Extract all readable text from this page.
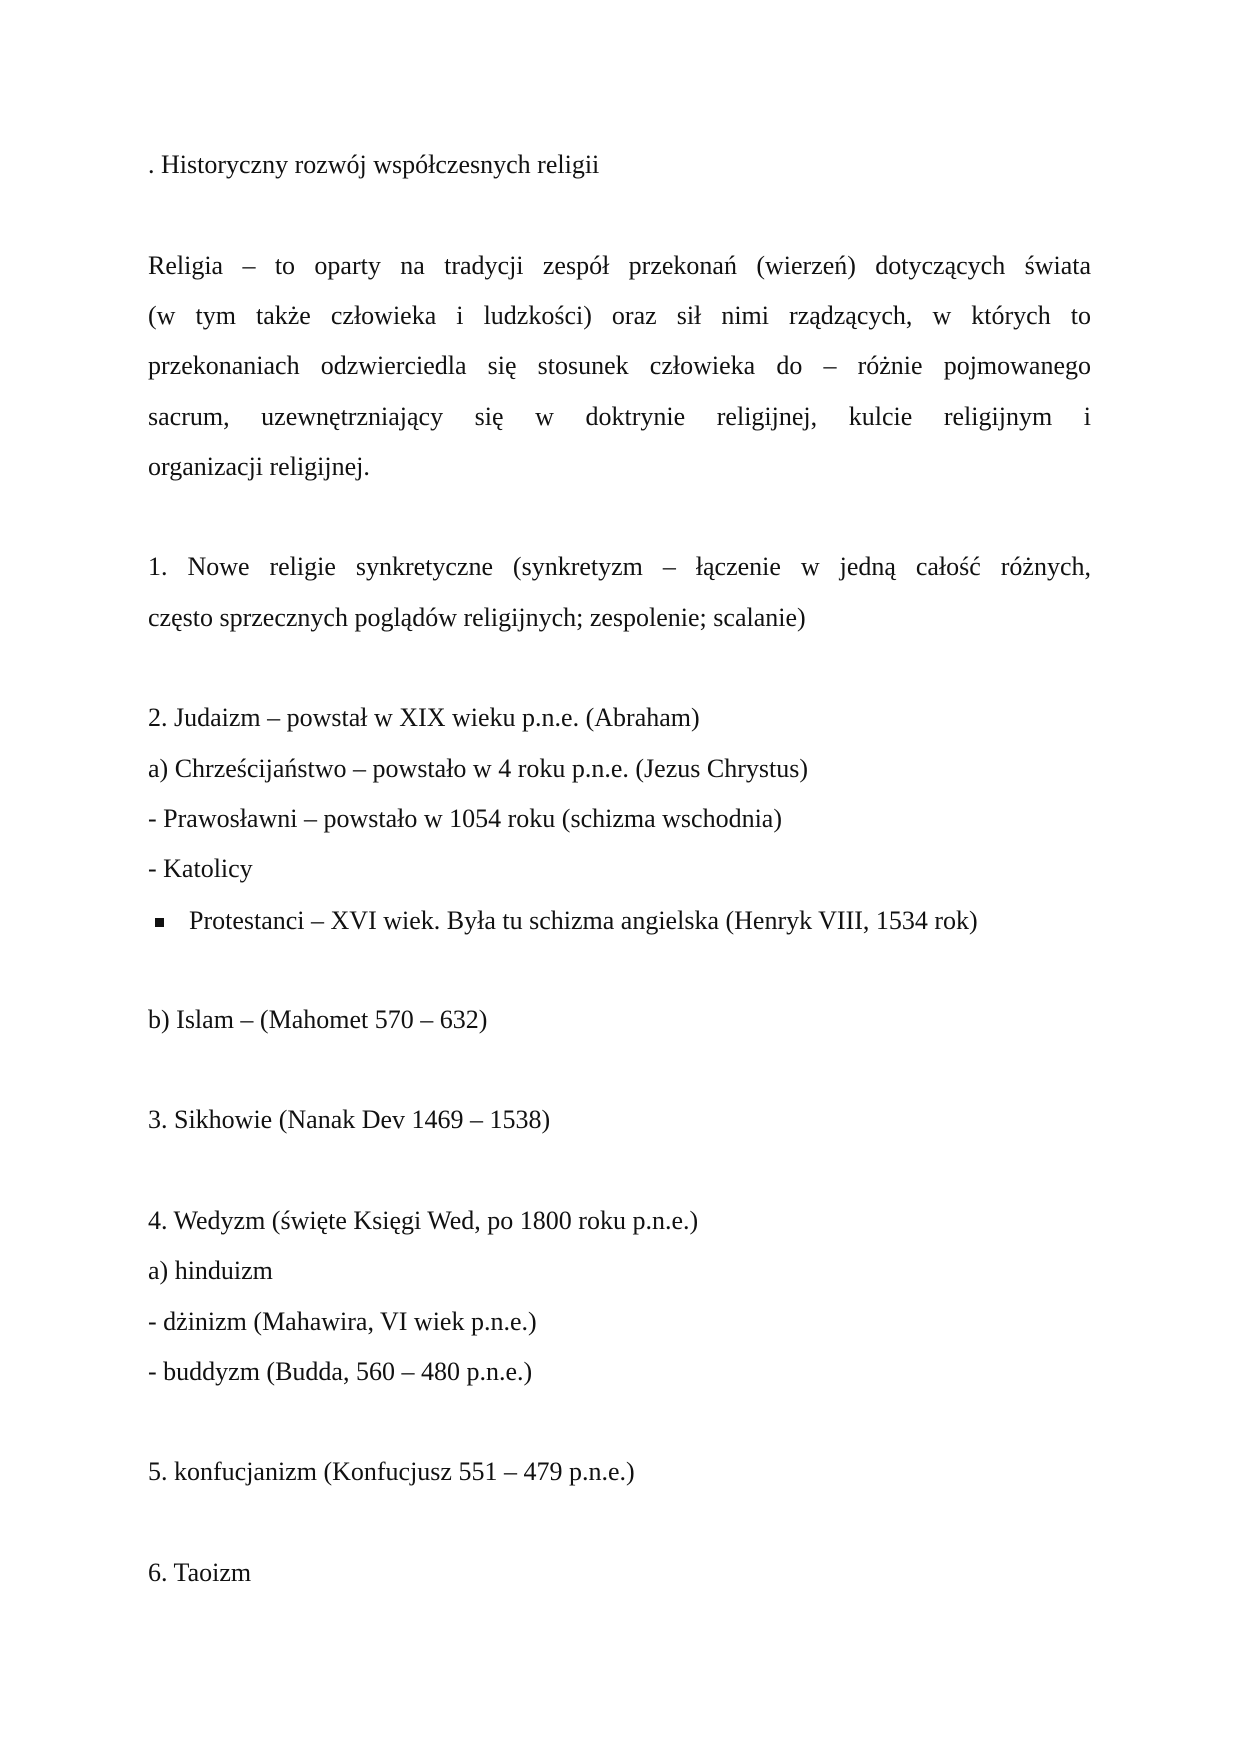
. Historyczny rozwój współczesnych religii
Religia – to oparty na tradycji zespół przekonań (wierzeń) dotyczących świata
(w tym także człowieka i ludzkości) oraz sił nimi rządzących, w których to
przekonaniach odzwierciedla się stosunek człowieka do – różnie pojmowanego
sacrum, uzewnętrzniający się w doktrynie religijnej, kulcie religijnym i
organizacji religijnej.
1. Nowe religie synkretyczne (synkretyzm – łączenie w jedną całość różnych,
często sprzecznych poglądów religijnych; zespolenie; scalanie)
2. Judaizm – powstał w XIX wieku p.n.e. (Abraham)
a) Chrześcijaństwo – powstało w 4 roku p.n.e. (Jezus Chrystus)
- Prawosławni – powstało w 1054 roku (schizma wschodnia)
- Katolicy
Protestanci – XVI wiek. Była tu schizma angielska (Henryk VIII, 1534 rok)
b) Islam – (Mahomet 570 – 632)
3. Sikhowie (Nanak Dev 1469 – 1538)
4. Wedyzm (święte Księgi Wed, po 1800 roku p.n.e.)
a) hinduizm
- dżinizm (Mahawira, VI wiek p.n.e.)
- buddyzm (Budda, 560 – 480 p.n.e.)
5. konfucjanizm (Konfucjusz 551 – 479 p.n.e.)
6. Taoizm
